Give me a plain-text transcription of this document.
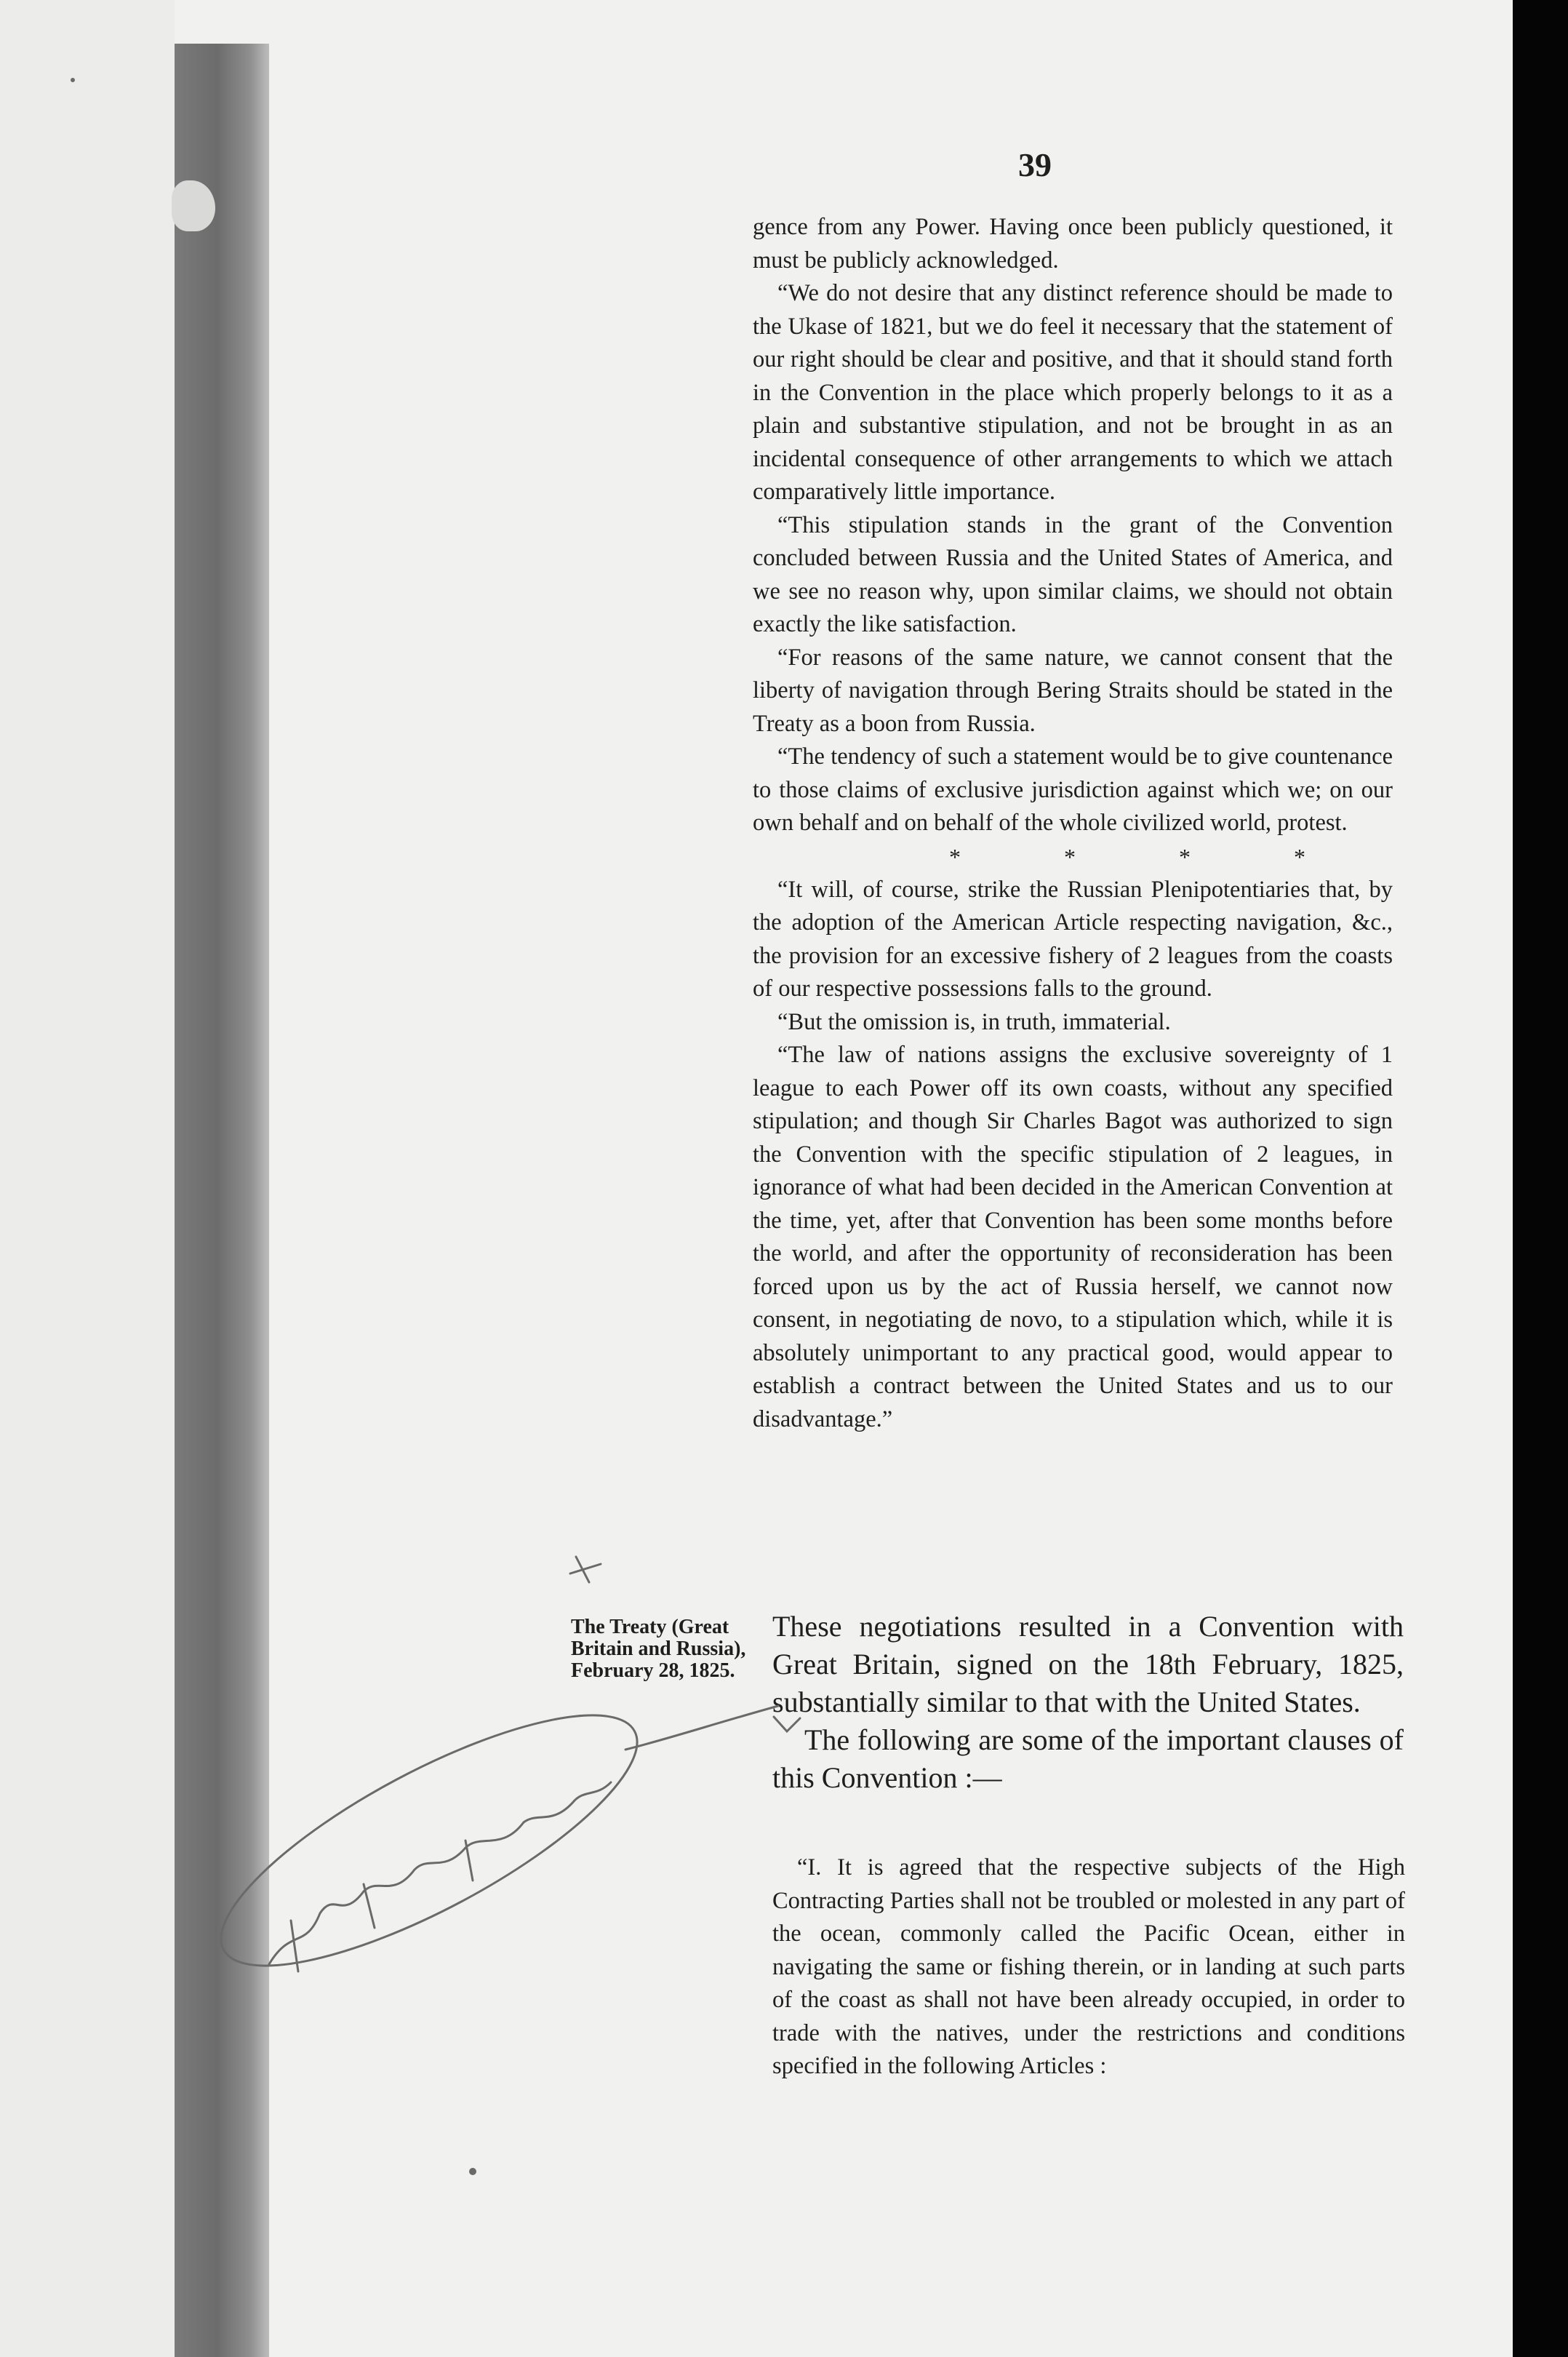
39

gence from any Power. Having once been publicly questioned, it must be publicly acknowledged.

“We do not desire that any distinct reference should be made to the Ukase of 1821, but we do feel it necessary that the statement of our right should be clear and positive, and that it should stand forth in the Convention in the place which properly belongs to it as a plain and substantive stipulation, and not be brought in as an incidental consequence of other arrangements to which we attach comparatively little importance.

“This stipulation stands in the grant of the Convention concluded between Russia and the United States of America, and we see no reason why, upon similar claims, we should not obtain exactly the like satisfaction.

“For reasons of the same nature, we cannot consent that the liberty of navigation through Bering Straits should be stated in the Treaty as a boon from Russia.

“The tendency of such a statement would be to give countenance to those claims of exclusive jurisdiction against which we; on our own behalf and on behalf of the whole civilized world, protest.

*	*	*	*

“It will, of course, strike the Russian Plenipotentiaries that, by the adoption of the American Article respecting navigation, &c., the provision for an excessive fishery of 2 leagues from the coasts of our respective possessions falls to the ground.

“But the omission is, in truth, immaterial.

“The law of nations assigns the exclusive sovereignty of 1 league to each Power off its own coasts, without any specified stipulation; and though Sir Charles Bagot was authorized to sign the Convention with the specific stipulation of 2 leagues, in ignorance of what had been decided in the American Convention at the time, yet, after that Convention has been some months before the world, and after the opportunity of reconsideration has been forced upon us by the act of Russia herself, we cannot now consent, in negotiating de novo, to a stipulation which, while it is absolutely unimportant to any practical good, would appear to establish a contract between the United States and us to our disadvantage.”

The Treaty (Great Britain and Russia), February 28, 1825.

These negotiations resulted in a Convention with Great Britain, signed on the 18th February, 1825, substantially similar to that with the United States.

The following are some of the important clauses of this Convention :—

“I. It is agreed that the respective subjects of the High Contracting Parties shall not be troubled or molested in any part of the ocean, commonly called the Pacific Ocean, either in navigating the same or fishing therein, or in landing at such parts of the coast as shall not have been already occupied, in order to trade with the natives, under the restrictions and conditions specified in the following Articles :
